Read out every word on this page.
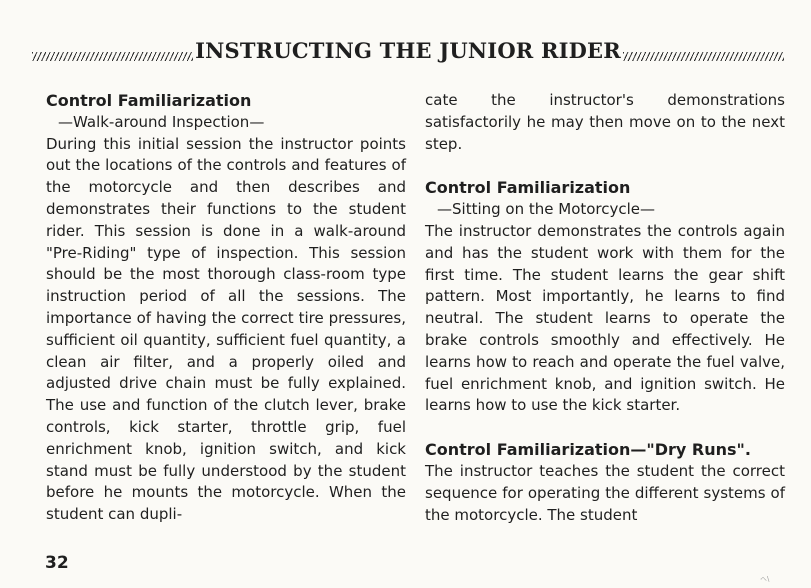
INSTRUCTING THE JUNIOR RIDER

Control Familiarization

—Walk-around Inspection—

During this initial session the instructor points out the locations of the controls and features of the motorcycle and then describes and demonstrates their functions to the student rider. This session is done in a walk-around "Pre-Riding" type of inspection. This session should be the most thorough class-room type instruction period of all the sessions. The importance of having the correct tire pressures, sufficient oil quantity, sufficient fuel quantity, a clean air filter, and a properly oiled and adjusted drive chain must be fully explained. The use and function of the clutch lever, brake controls, kick starter, throttle grip, fuel enrichment knob, ignition switch, and kick stand must be fully understood by the student before he mounts the motorcycle. When the student can dupli-

cate the instructor's demonstrations satisfactorily he may then move on to the next step.

Control Familiarization

—Sitting on the Motorcycle—

The instructor demonstrates the controls again and has the student work with them for the first time. The student learns the gear shift pattern. Most importantly, he learns to find neutral. The student learns to operate the brake controls smoothly and effectively. He learns how to reach and operate the fuel valve, fuel enrichment knob, and ignition switch. He learns how to use the kick starter.

Control Familiarization—"Dry Runs".

The instructor teaches the student the correct sequence for operating the different systems of the motorcycle. The student

32
ヘ\
